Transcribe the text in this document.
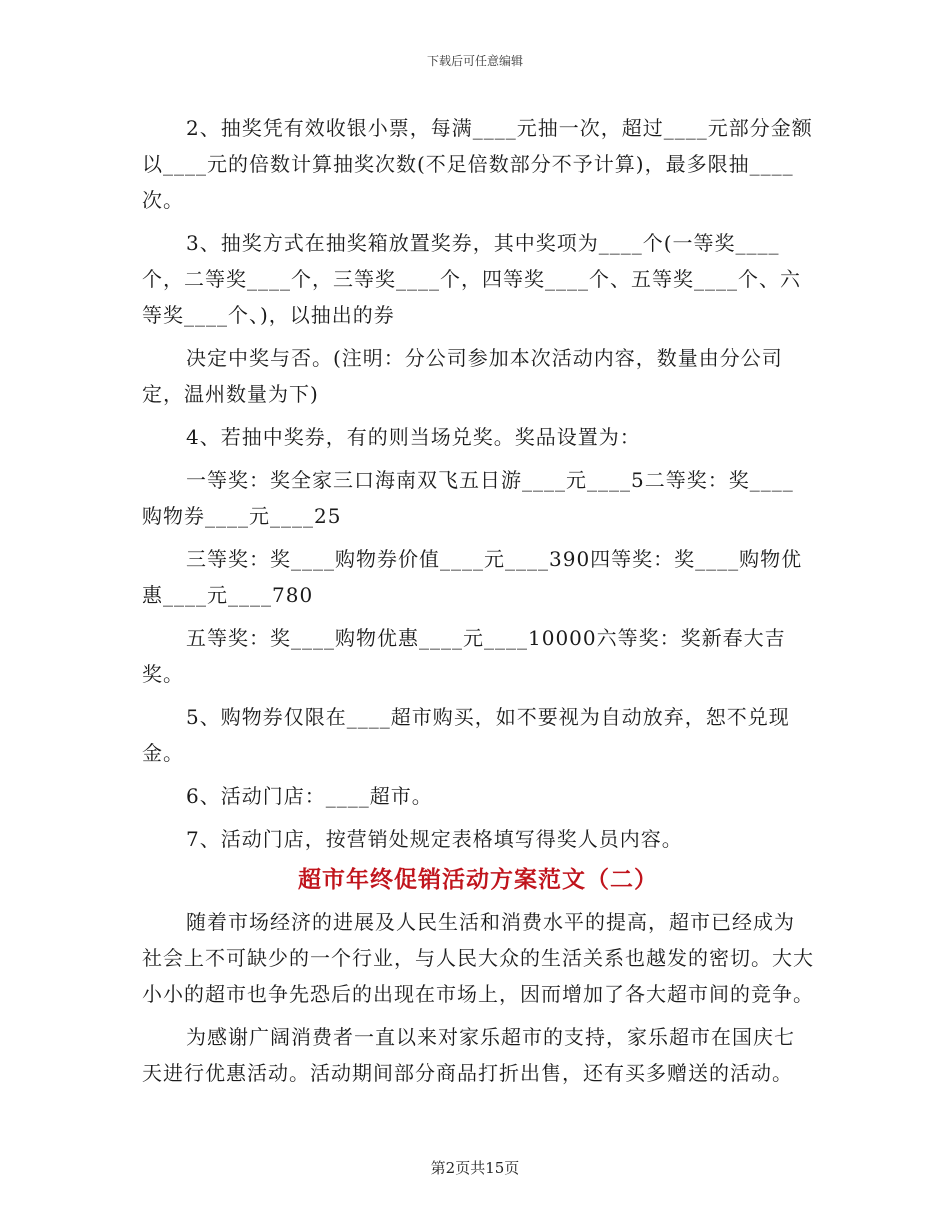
下载后可任意编辑

2、抽奖凭有效收银小票，每满____元抽一次，超过____元部分金额以____元的倍数计算抽奖次数(不足倍数部分不予计算)，最多限抽____次。

3、抽奖方式在抽奖箱放置奖券，其中奖项为____个(一等奖____个，二等奖____个，三等奖____个，四等奖____个、五等奖____个、六等奖____个、)，以抽出的券

决定中奖与否。(注明：分公司参加本次活动内容，数量由分公司定，温州数量为下)

4、若抽中奖券，有的则当场兑奖。奖品设置为：

一等奖：奖全家三口海南双飞五日游____元____5二等奖：奖____购物券____元____25

三等奖：奖____购物券价值____元____390四等奖：奖____购物优惠____元____780

五等奖：奖____购物优惠____元____10000六等奖：奖新春大吉奖。

5、购物券仅限在____超市购买，如不要视为自动放弃，恕不兑现金。

6、活动门店：____超市。

7、活动门店，按营销处规定表格填写得奖人员内容。

超市年终促销活动方案范文（二）

随着市场经济的进展及人民生活和消费水平的提高，超市已经成为社会上不可缺少的一个行业，与人民大众的生活关系也越发的密切。大大小小的超市也争先恐后的出现在市场上，因而增加了各大超市间的竞争。

为感谢广阔消费者一直以来对家乐超市的支持，家乐超市在国庆七天进行优惠活动。活动期间部分商品打折出售，还有买多赠送的活动。

第2页共15页
